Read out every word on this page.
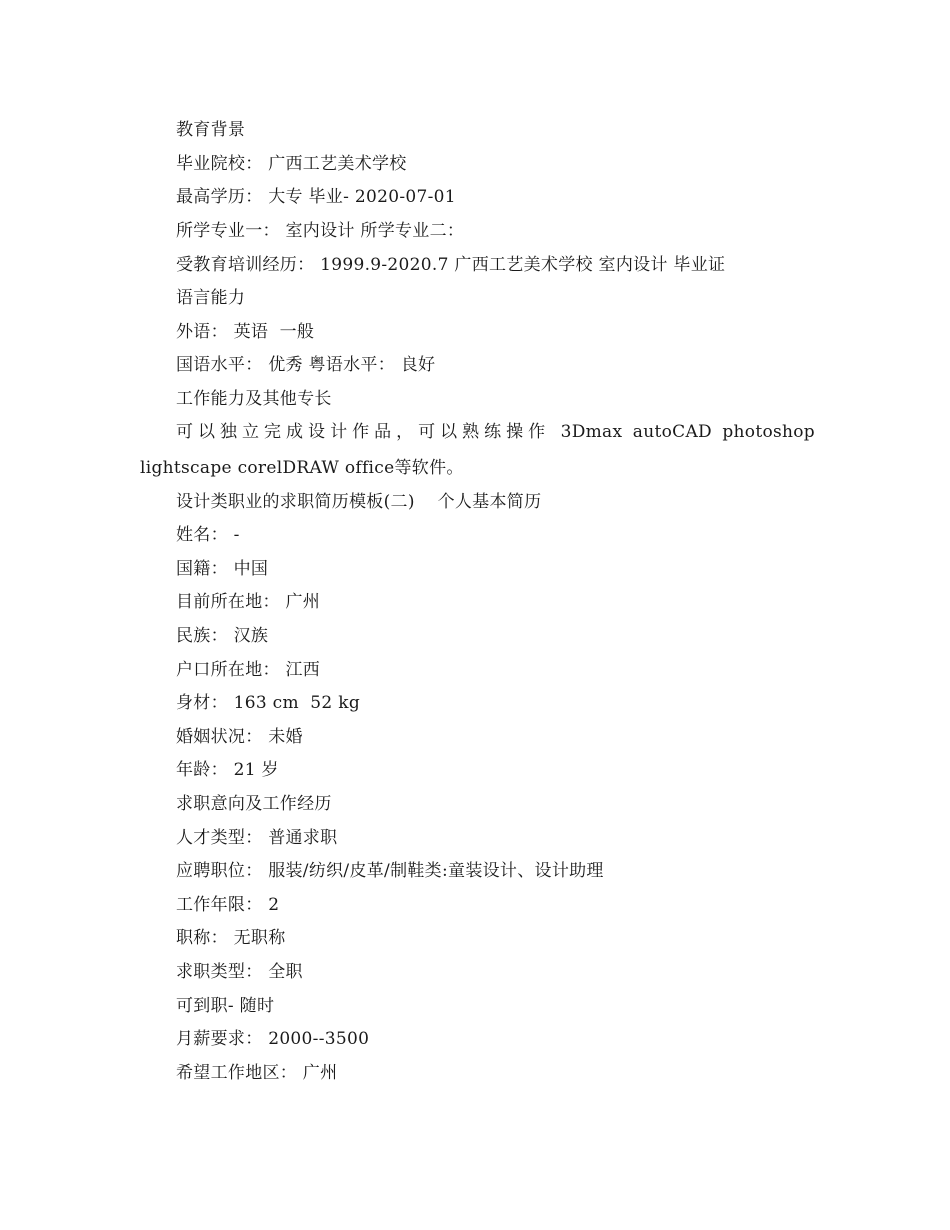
教育背景
毕业院校： 广西工艺美术学校
最高学历： 大专 毕业- 2020-07-01
所学专业一： 室内设计 所学专业二：
受教育培训经历： 1999.9-2020.7 广西工艺美术学校 室内设计 毕业证
语言能力
外语： 英语  一般
国语水平： 优秀 粤语水平： 良好
工作能力及其他专长
可以独立完成设计作品，可以熟练操作 3Dmax autoCAD photoshop lightscape corelDRAW office等软件。
设计类职业的求职简历模板(二)    个人基本简历
姓名： -
国籍： 中国
目前所在地： 广州
民族： 汉族
户口所在地： 江西
身材： 163 cm  52 kg
婚姻状况： 未婚
年龄： 21 岁
求职意向及工作经历
人才类型： 普通求职
应聘职位： 服装/纺织/皮革/制鞋类:童装设计、设计助理
工作年限： 2
职称： 无职称
求职类型： 全职
可到职- 随时
月薪要求： 2000--3500
希望工作地区： 广州
